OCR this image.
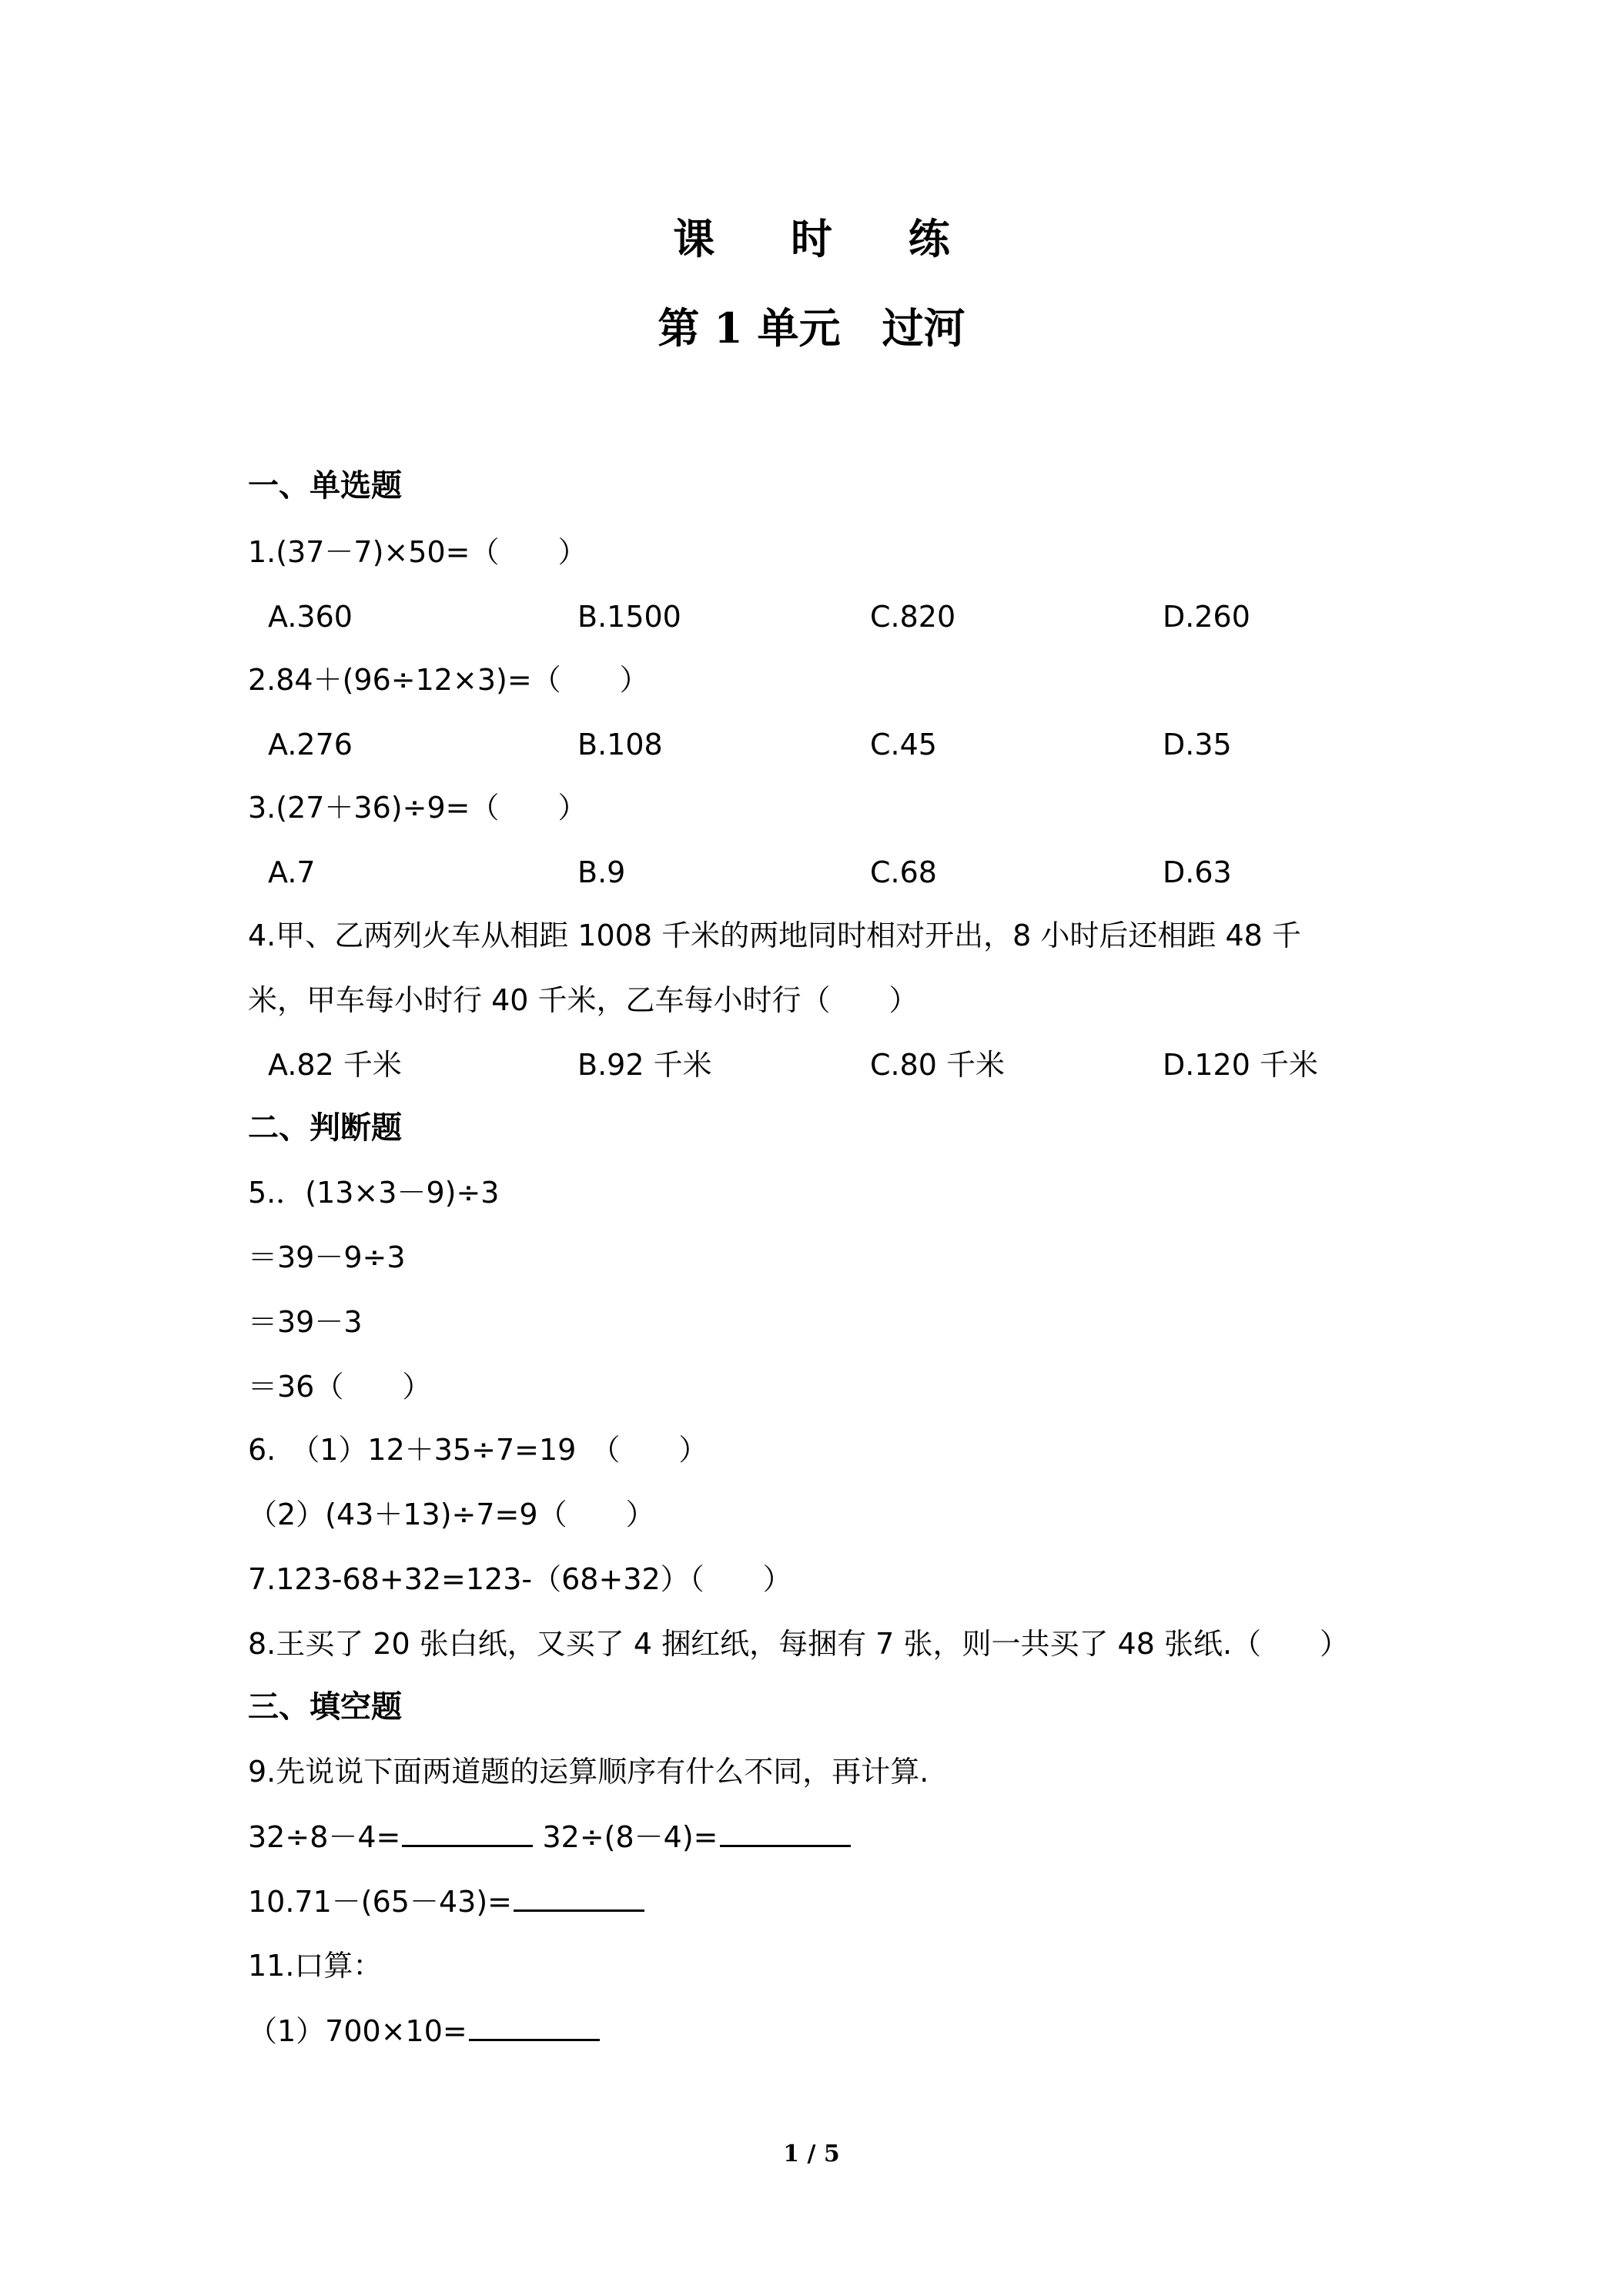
课 时 练
第 1 单元　过河
一、单选题
1.(37－7)×50=（　　）
A.360	B.1500	C.820	D.260
2.84＋(96÷12×3)=（　　）
A.276	B.108	C.45	D.35
3.(27＋36)÷9=（　　）
A.7	B.9	C.68	D.63
4.甲、乙两列火车从相距 1008 千米的两地同时相对开出，8 小时后还相距 48 千
米，甲车每小时行 40 千米，乙车每小时行（　　）
A.82 千米	B.92 千米	C.80 千米	D.120 千米
二、判断题
5.．(13×3－9)÷3
＝39－9÷3
＝39－3
＝36（　　）
6.　（1）12＋35÷7=19　（　　）
（2）(43＋13)÷7=9（　　）
7.123-68+32=123-（68+32）（　　）
8.王买了 20 张白纸，又买了 4 捆红纸，每捆有 7 张，则一共买了 48 张纸.（　　）
三、填空题
9.先说说下面两道题的运算顺序有什么不同，再计算.
32÷8－4=	32÷(8－4)=
10.71－(65－43)=
11.口算：
（1）700×10=
1 / 5
